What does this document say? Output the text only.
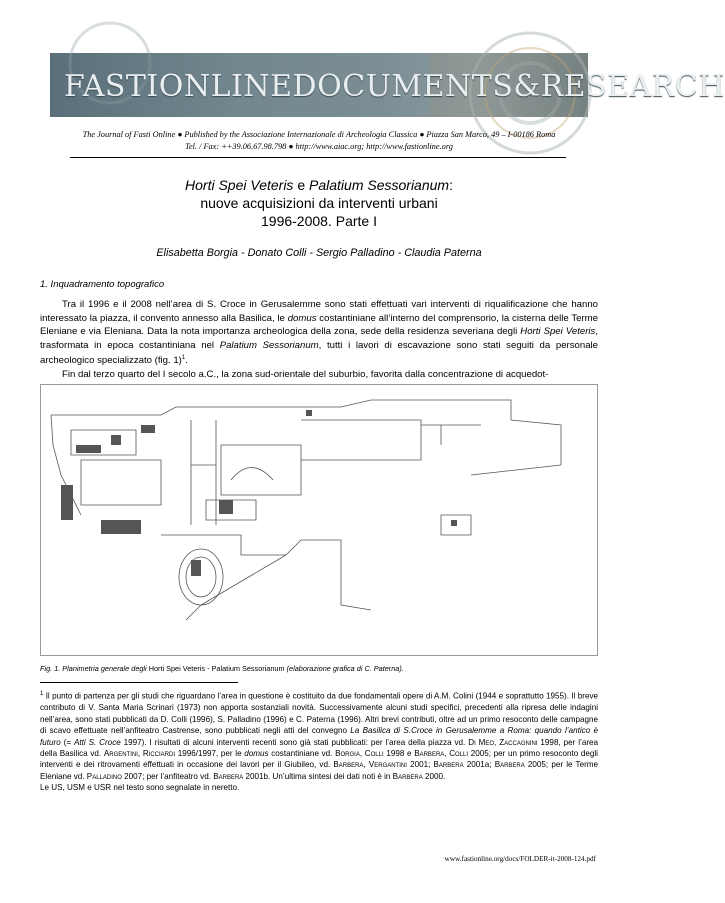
FASTIONLINEDOCUMENTS&RESEARCH
The Journal of Fasti Online ● Published by the Associazione Internazionale di Archeologia Classica ● Piazza San Marco, 49 – I-00186 Roma
Tel. / Fax: ++39.06.67.98.798 ● http://www.aiac.org; http://www.fastionline.org
Horti Spei Veteris e Palatium Sessorianum:
nuove acquisizioni da interventi urbani
1996-2008. Parte I
Elisabetta Borgia - Donato Colli - Sergio Palladino - Claudia Paterna
1. Inquadramento topografico

Tra il 1996 e il 2008 nell’area di S. Croce in Gerusalemme sono stati effettuati vari interventi di riqualificazione che hanno interessato la piazza, il convento annesso alla Basilica, le domus costantiniane all’interno del comprensorio, la cisterna delle Terme Eleniane e via Eleniana. Data la nota importanza archeologica della zona, sede della residenza severiana degli Horti Spei Veteris, trasformata in epoca costantiniana nel Palatium Sessorianum, tutti i lavori di escavazione sono stati seguiti da personale archeologico specializzato (fig. 1)$^1$.

Fin dal terzo quarto del I secolo a.C., la zona sud-orientale del suburbio, favorita dalla concentrazione di acquedot-

Fig. 1. Planimetria generale degli Horti Spei Veteris - Palatium Sessorianum (elaborazione grafica di C. Paterna).

$^1$ Il punto di partenza per gli studi che riguardano l’area in questione è costituito da due fondamentali opere di A.M. Colini (1944 e soprattutto 1955). Il breve contributo di V. Santa Maria Scrinari (1973) non apporta sostanziali novità. Successivamente alcuni studi specifici, precedenti alla ripresa delle indagini nell’area, sono stati pubblicati da D. Colli (1996), S. Palladino (1996) e C. Paterna (1996). Altri brevi contributi, oltre ad un primo resoconto delle campagne di scavo effettuate nell’anfiteatro Castrense, sono pubblicati negli atti del convegno La Basilica di S.Croce in Gerusalemme a Roma: quando l’antico è futuro (= Atti S. Croce 1997). I risultati di alcuni interventi recenti sono già stati pubblicati: per l’area della piazza vd. Di Meo, Zaccagnini 1998, per l’area della Basilica vd. Argentini, Ricciardi 1996/1997, per le domus costantiniane vd. Borgia, Colli 1998 e Barbera, Colli 2005; per un primo resoconto degli interventi e dei ritrovamenti effettuati in occasione dei lavori per il Giubileo, vd. Barbera, Vergantini 2001; Barbera 2001a; Barbera 2005; per le Terme Eleniane vd. Palladino 2007; per l’anfiteatro vd. Barbera 2001b. Un’ultima sintesi dei dati noti è in Barbera 2000.

Le US, USM e USR nel testo sono segnalate in neretto.

www.fastionline.org/docs/FOLDER-it-2008-124.pdf
